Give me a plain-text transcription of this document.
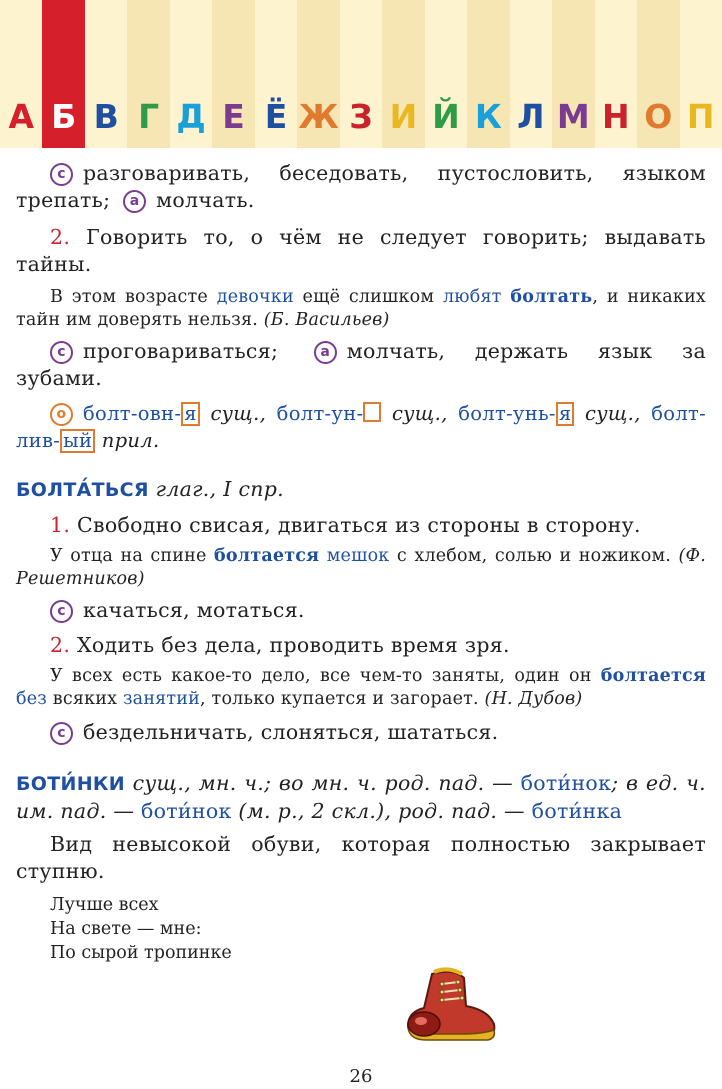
А Б В Г Д Е Ё Ж З И Й К Л М Н О П

с разговаривать, беседовать, пустословить, языком трепать; а молчать.

2. Говорить то, о чём не следует говорить; выдавать тайны.

В этом возрасте девочки ещё слишком любят болтать, и никаких тайн им доверять нельзя. (Б. Васильев)

с проговариваться;	а молчать, держать язык за зубами.

о болт-овн- я сущ., болт-ун- сущ., болт-унь- я сущ., болт-лив- ый прил.

БОЛТА́ТЬСЯ глаг., I спр.

1. Свободно свисая, двигаться из стороны в сторону.

У отца на спине болтается мешок с хлебом, солью и ножиком. (Ф. Решетников)

с качаться, мотаться.

2. Ходить без дела, проводить время зря.

У всех есть какое-то дело, все чем-то заняты, один он болтается без всяких занятий, только купается и загорает. (Н. Дубов)

с бездельничать, слоняться, шататься.

БОТИ́НКИ сущ., мн. ч.; во мн. ч. род. пад. — боти́нок; в ед. ч. им. пад. — боти́нок (м. р., 2 скл.), род. пад. — боти́нка

Вид невысокой обуви, которая полностью закрывает ступню.

Лучше всех
На свете — мне:
По сырой тропинке
26
